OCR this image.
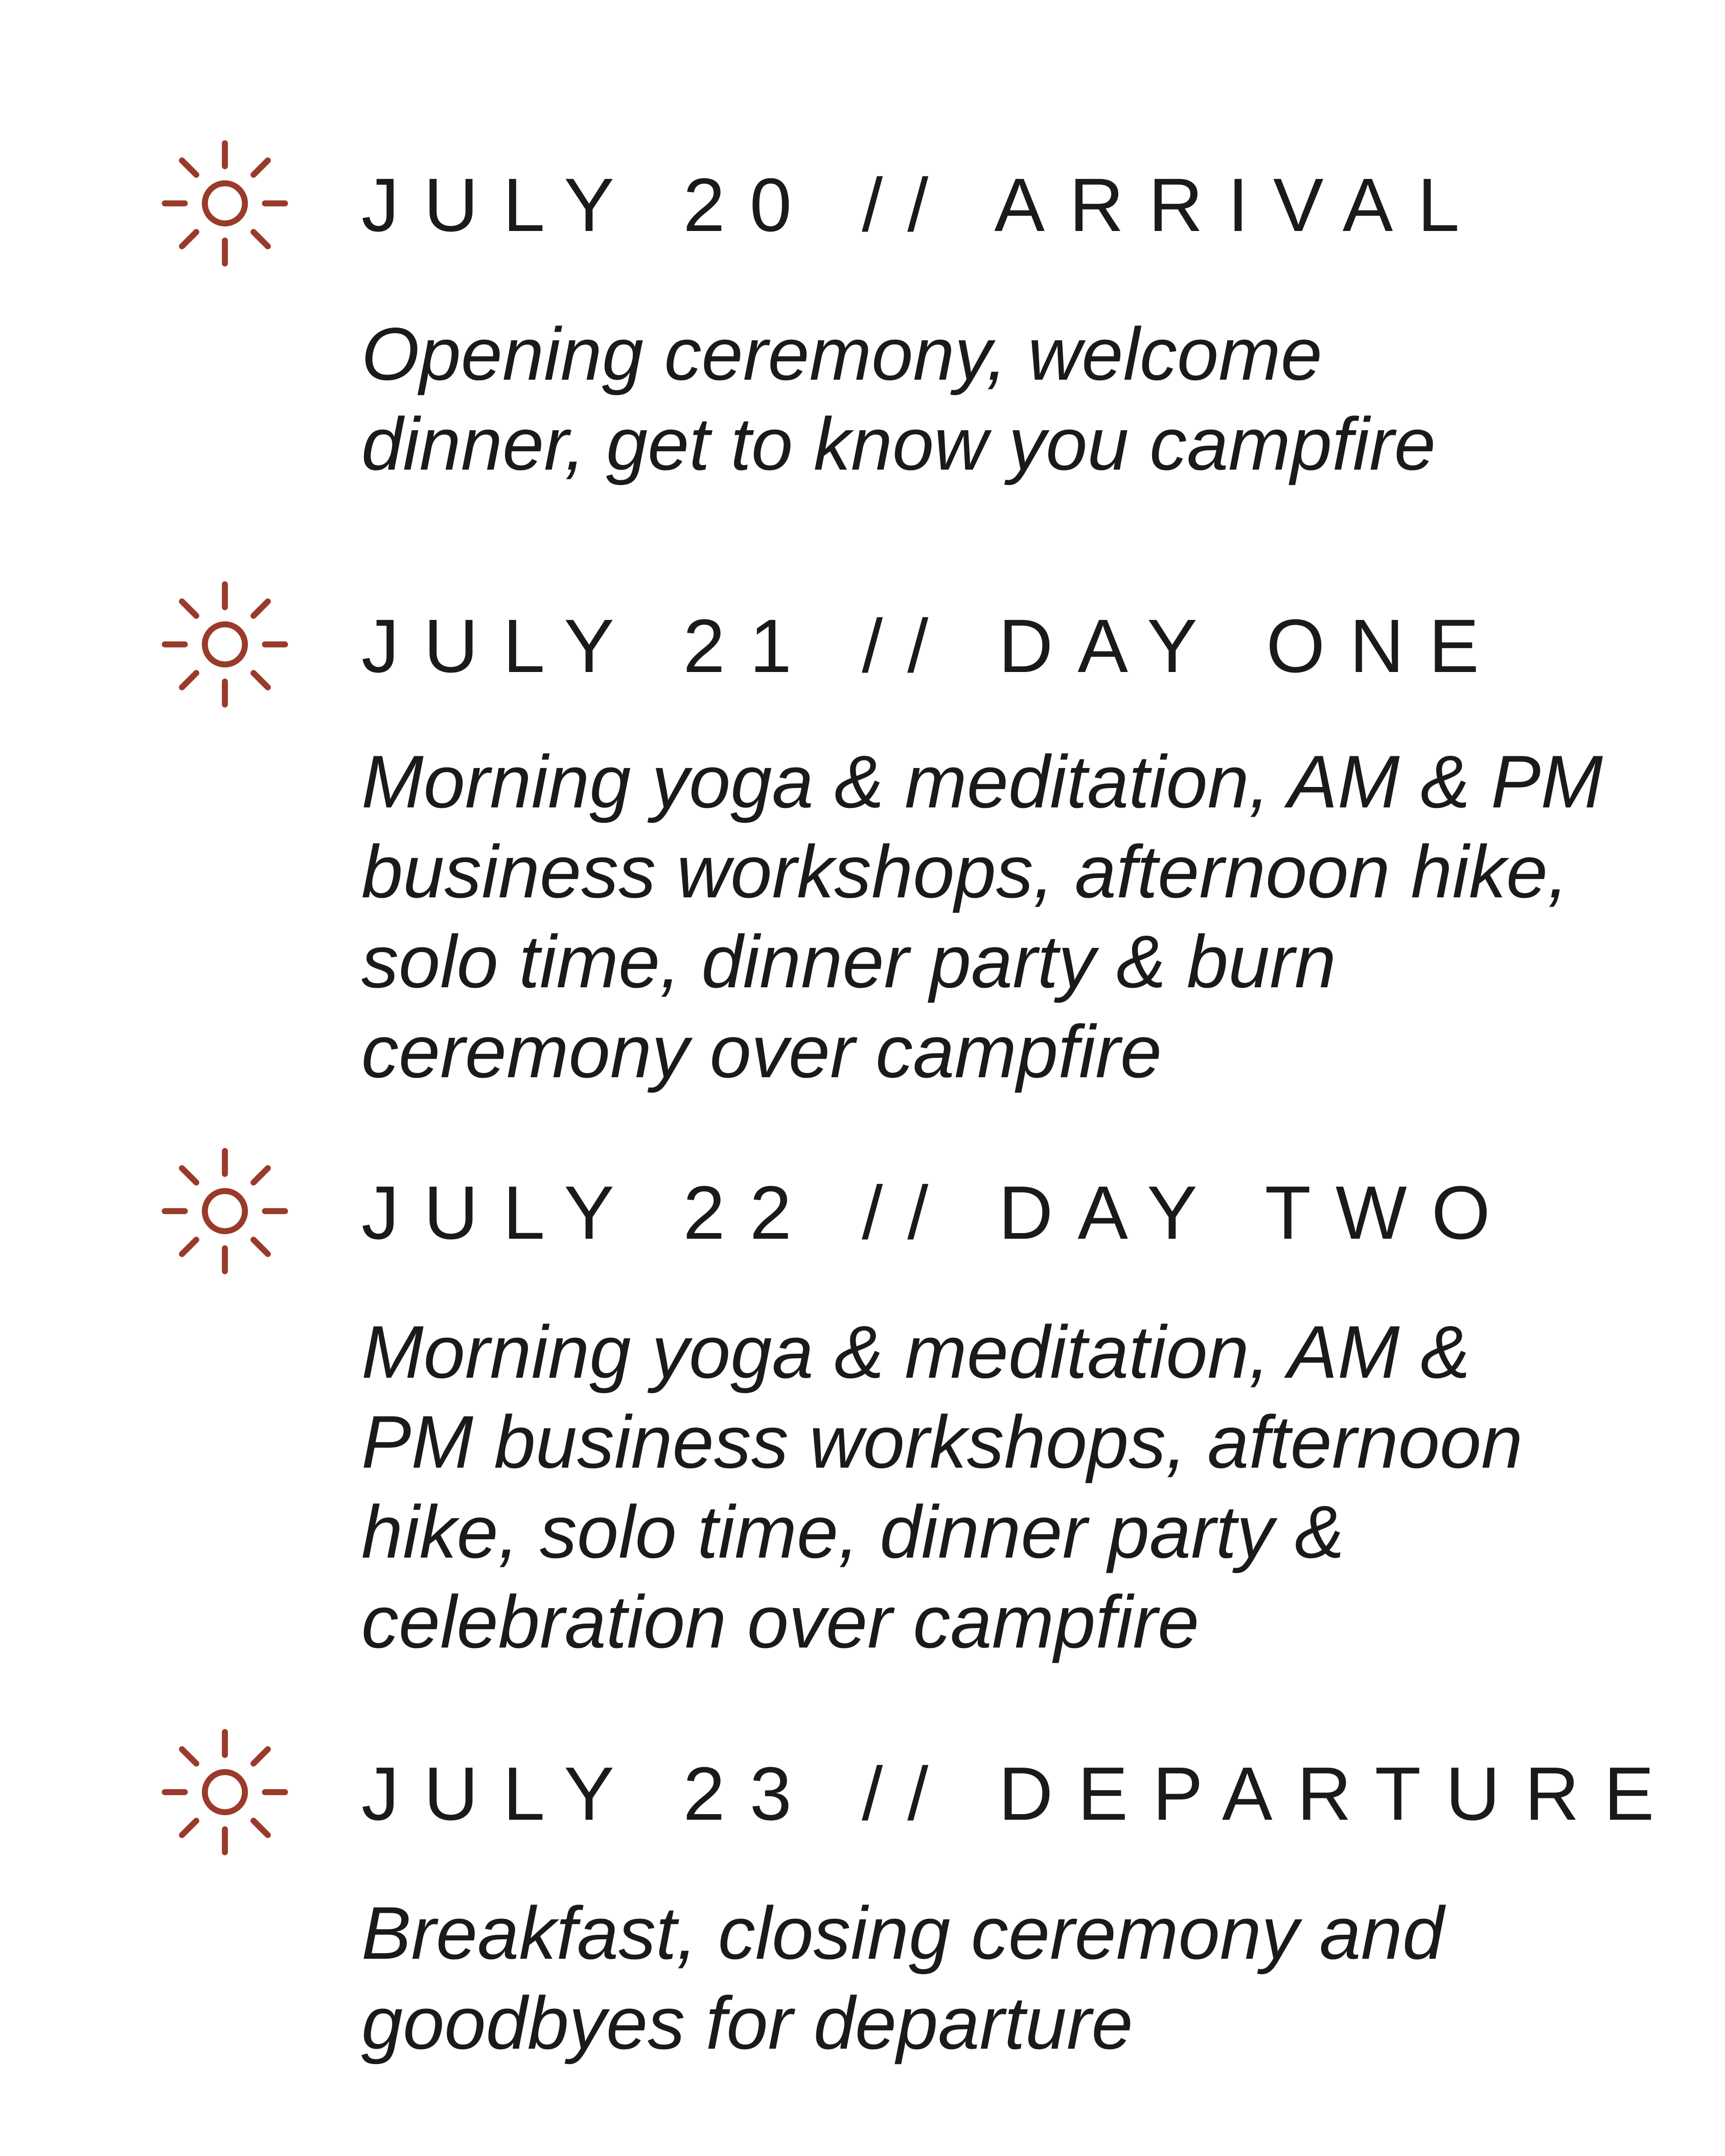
JULY 20 // ARRIVAL

Opening ceremony, welcome dinner, get to know you campfire

JULY 21 // DAY ONE

Morning yoga & meditation, AM & PM business workshops, afternoon hike, solo time, dinner party & burn ceremony over campfire

JULY 22 // DAY TWO

Morning yoga & meditation, AM & PM business workshops, afternoon hike, solo time, dinner party & celebration over campfire

JULY 23 // DEPARTURE

Breakfast, closing ceremony and goodbyes for departure
